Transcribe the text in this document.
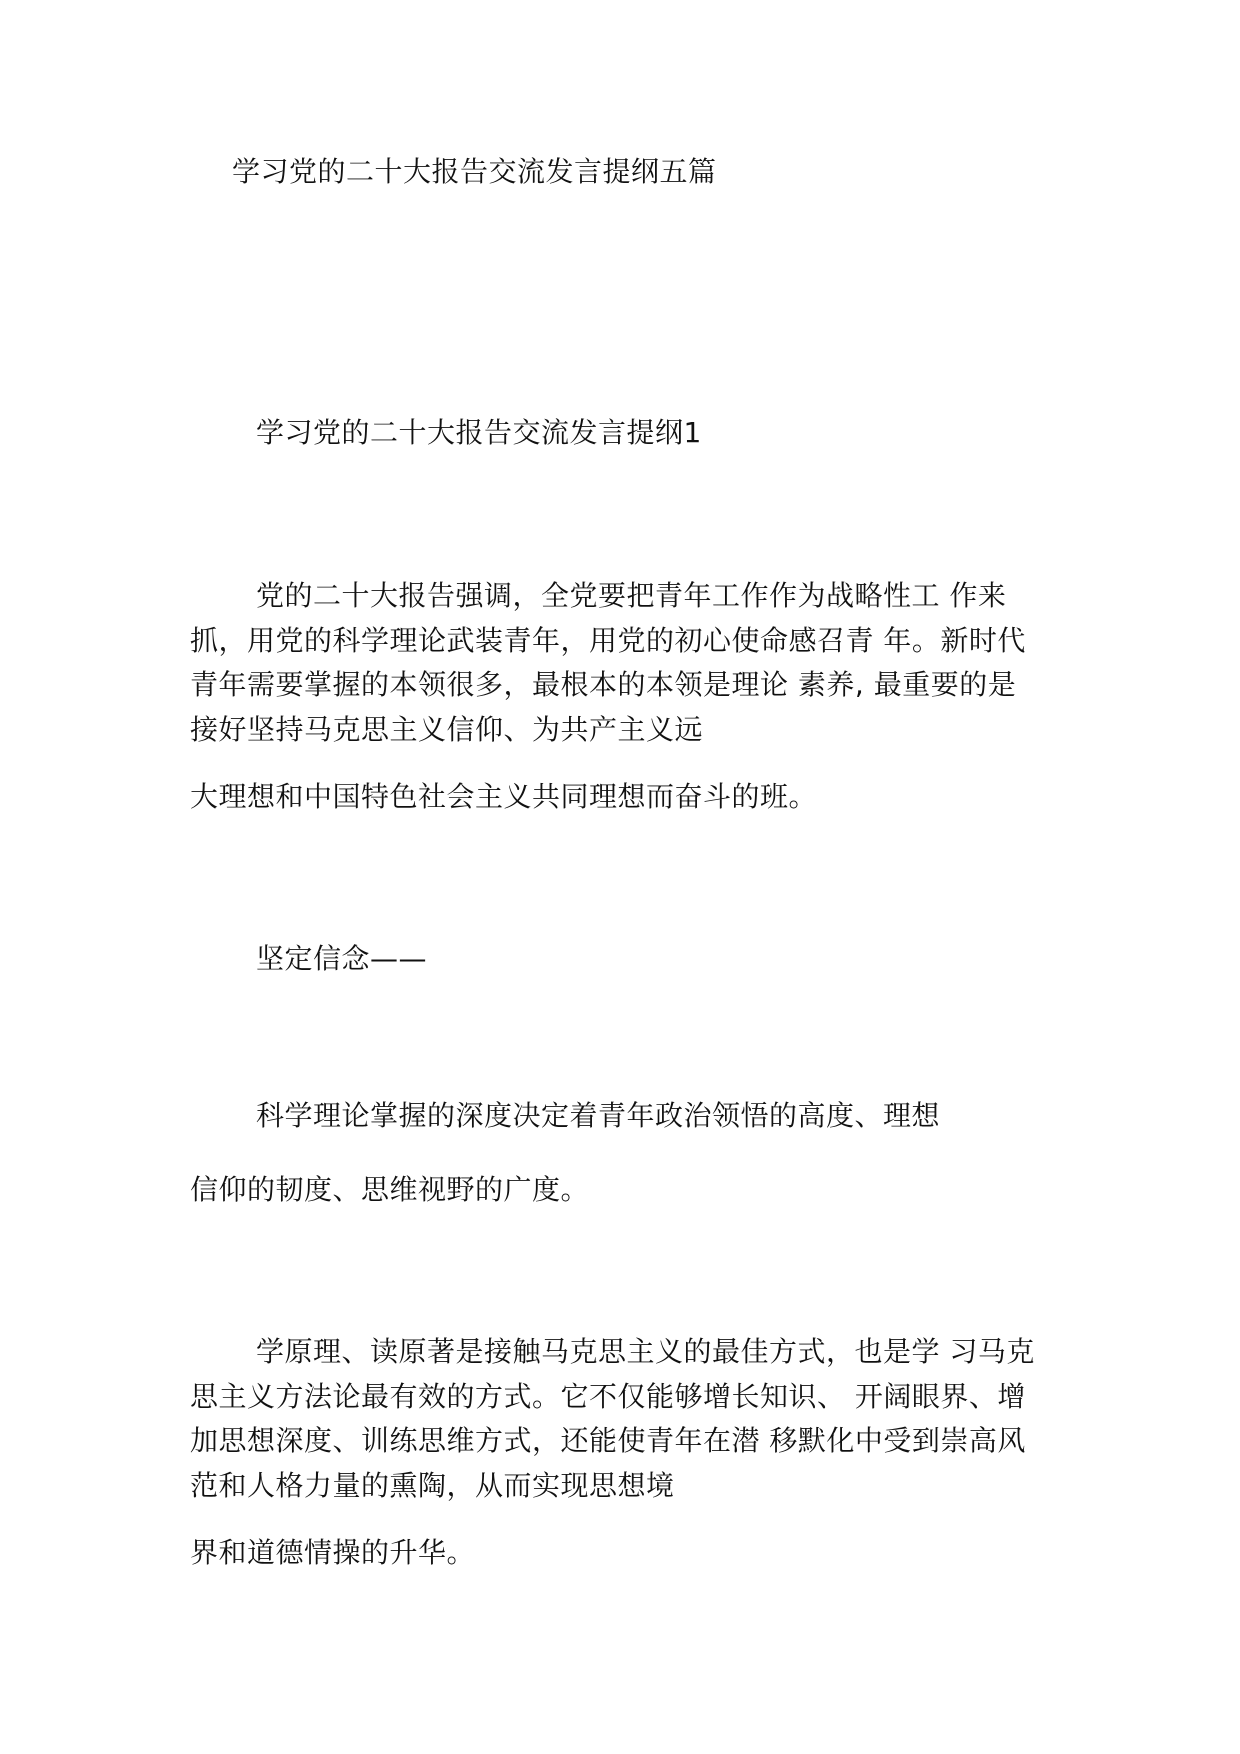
学习党的二十大报告交流发言提纲五篇
学习党的二十大报告交流发言提纲1
党的二十大报告强调，全党要把青年工作作为战略性工 作来
抓，用党的科学理论武装青年，用党的初心使命感召青 年。新时代
青年需要掌握的本领很多，最根本的本领是理论 素养, 最重要的是
接好坚持马克思主义信仰、为共产主义远
大理想和中国特色社会主义共同理想而奋斗的班。
坚定信念——
科学理论掌握的深度决定着青年政治领悟的高度、理想
信仰的韧度、思维视野的广度。
学原理、读原著是接触马克思主义的最佳方式，也是学 习马克
思主义方法论最有效的方式。它不仅能够增长知识、 开阔眼界、增
加思想深度、训练思维方式，还能使青年在潜 移默化中受到崇高风
范和人格力量的熏陶，从而实现思想境
界和道德情操的升华。
